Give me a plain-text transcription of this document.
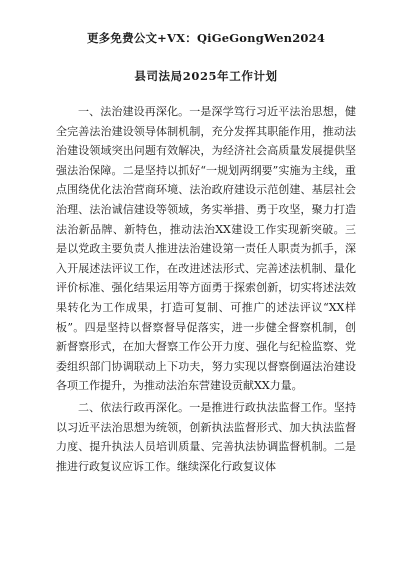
更多免费公文+VX：QiGeGongWen2024
县司法局2025年工作计划

一、法治建设再深化。一是深学笃行习近平法治思想，健全完善法治建设领导体制机制，充分发挥其职能作用，推动法治建设领域突出问题有效解决，为经济社会高质量发展提供坚强法治保障。二是坚持以抓好“一规划两纲要”实施为主线，重点围绕优化法治营商环境、法治政府建设示范创建、基层社会治理、法治诚信建设等领域，务实举措、勇于攻坚，聚力打造法治新品牌、新特色，推动法治XX建设工作实现新突破。三是以党政主要负责人推进法治建设第一责任人职责为抓手，深入开展述法评议工作，在改进述法形式、完善述法机制、量化评价标准、强化结果运用等方面勇于探索创新，切实将述法效果转化为工作成果，打造可复制、可推广的述法评议“XX样板”。四是坚持以督察督导促落实，进一步健全督察机制，创新督察形式，在加大督察工作公开力度、强化与纪检监察、党委组织部门协调联动上下功夫，努力实现以督察倒逼法治建设各项工作提升，为推动法治东营建设贡献XX力量。

二、依法行政再深化。一是推进行政执法监督工作。坚持以习近平法治思想为统领，创新执法监督形式、加大执法监督力度、提升执法人员培训质量、完善执法协调监督机制。二是推进行政复议应诉工作。继续深化行政复议体
